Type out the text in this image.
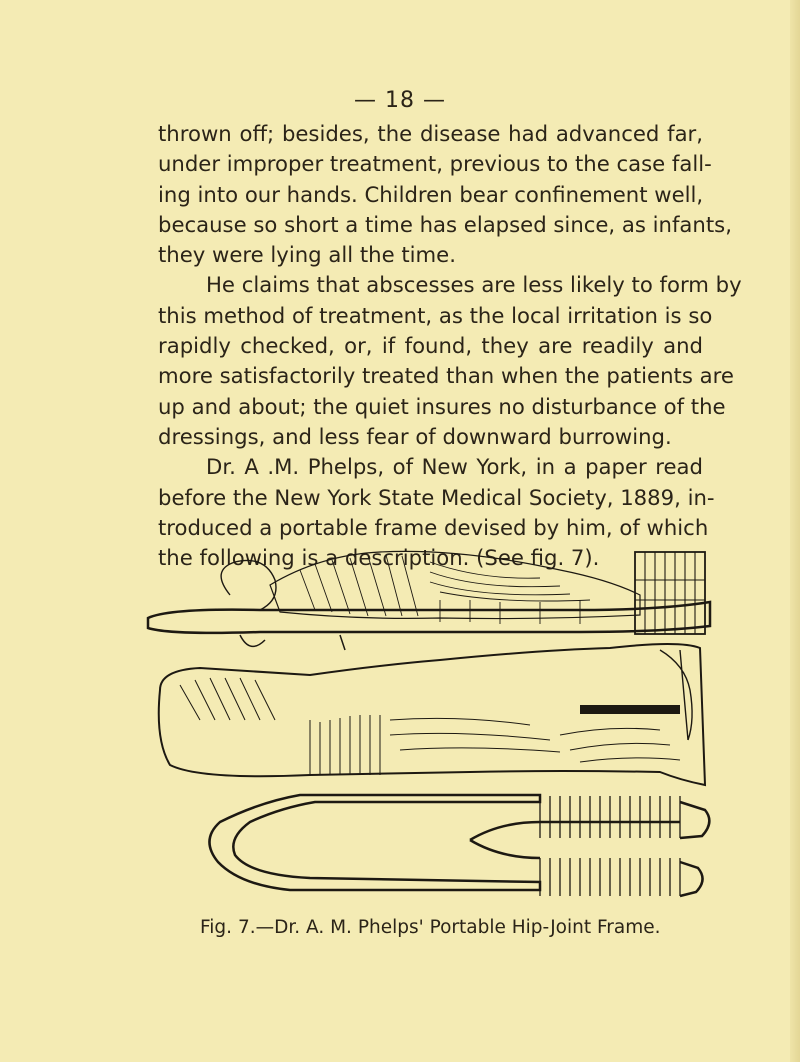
— 18 —
thrown off; besides, the disease had advanced far,
under improper treatment, previous to the case fall-
ing into our hands. Children bear confinement well,
because so short a time has elapsed since, as infants,
they were lying all the time.
He claims that abscesses are less likely to form by
this method of treatment, as the local irritation is so
rapidly checked, or, if found, they are readily and
more satisfactorily treated than when the patients are
up and about; the quiet insures no disturbance of the
dressings, and less fear of downward burrowing.
Dr. A .M. Phelps, of New York, in a paper read
before the New York State Medical Society, 1889, in-
troduced a portable frame devised by him, of which
the following is a description. (See fig. 7).
Fig. 7.—Dr. A. M. Phelps' Portable Hip-Joint Frame.
